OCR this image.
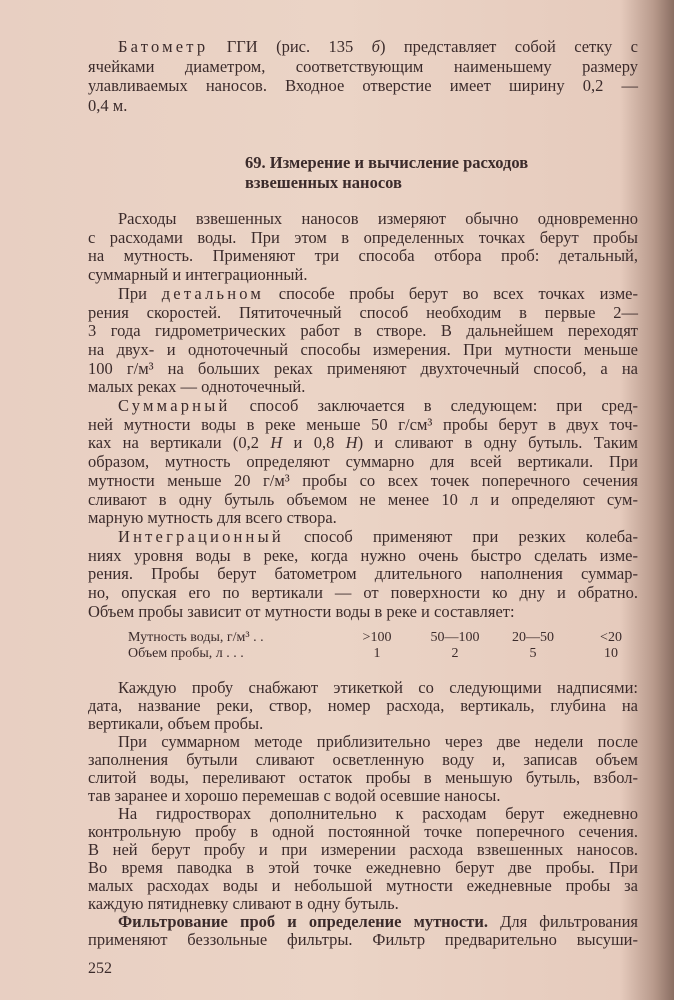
Батометр ГГИ (рис. 135 б) представляет собой сетку с
ячейками диаметром, соответствующим наименьшему размеру
улавливаемых наносов. Входное отверстие имеет ширину 0,2 —
0,4 м.
69. Измерение и вычисление расходов
взвешенных наносов
Расходы взвешенных наносов измеряют обычно одновременно
с расходами воды. При этом в определенных точках берут пробы
на мутность. Применяют три способа отбора проб: детальный,
суммарный и интеграционный.
При детальном способе пробы берут во всех точках изме-
рения скоростей. Пятиточечный способ необходим в первые 2—
3 года гидрометрических работ в створе. В дальнейшем переходят
на двух- и одноточечный способы измерения. При мутности меньше
100 г/м³ на больших реках применяют двухточечный способ, а на
малых реках — одноточечный.
Суммарный способ заключается в следующем: при сред-
ней мутности воды в реке меньше 50 г/см³ пробы берут в двух точ-
ках на вертикали (0,2 H и 0,8 H) и сливают в одну бутыль. Таким
образом, мутность определяют суммарно для всей вертикали. При
мутности меньше 20 г/м³ пробы со всех точек поперечного сечения
сливают в одну бутыль объемом не менее 10 л и определяют сум-
марную мутность для всего створа.
Интеграционный способ применяют при резких колеба-
ниях уровня воды в реке, когда нужно очень быстро сделать изме-
рения. Пробы берут батометром длительного наполнения суммар-
но, опуская его по вертикали — от поверхности ко дну и обратно.
Объем пробы зависит от мутности воды в реке и составляет:
Мутность воды, г/м³ . .	>100	50—100	20—50	<20
Объем пробы, л . . .	1	2	5	10
Каждую пробу снабжают этикеткой со следующими надписями:
дата, название реки, створ, номер расхода, вертикаль, глубина на
вертикали, объем пробы.
При суммарном методе приблизительно через две недели после
заполнения бутыли сливают осветленную воду и, записав объем
слитой воды, переливают остаток пробы в меньшую бутыль, взбол-
тав заранее и хорошо перемешав с водой осевшие наносы.
На гидростворах дополнительно к расходам берут ежедневно
контрольную пробу в одной постоянной точке поперечного сечения.
В ней берут пробу и при измерении расхода взвешенных наносов.
Во время паводка в этой точке ежедневно берут две пробы. При
малых расходах воды и небольшой мутности ежедневные пробы за
каждую пятидневку сливают в одну бутыль.
Фильтрование проб и определение мутности. Для фильтрования
применяют беззольные фильтры. Фильтр предварительно высуши-
252
